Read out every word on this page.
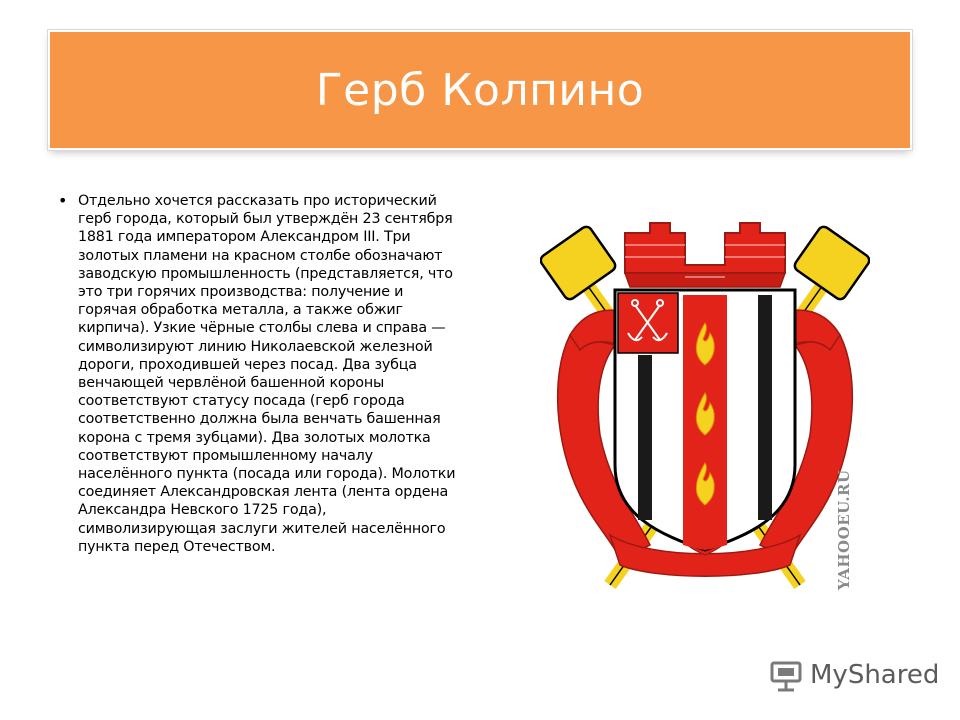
Герб Колпино
• Отдельно хочется рассказать про исторический герб города, который был утверждён 23 сентября 1881 года императором Александром III. Три золотых пламени на красном столбе обозначают заводскую промышленность (представляется, что это три горячих производства: получение и горячая обработка металла, а также обжиг кирпича). Узкие чёрные столбы слева и справа — символизируют линию Николаевской железной дороги, проходившей через посад. Два зубца венчающей червлёной башенной короны соответствуют статусу посада (герб города соответственно должна была венчать башенная корона с тремя зубцами). Два золотых молотка соответствуют промышленному началу населённого пункта (посада или города). Молотки соединяет Александровская лента (лента ордена Александра Невского 1725 года), символизирующая заслуги жителей населённого пункта перед Отечеством.	YAHOOEU.RU
MyShared
